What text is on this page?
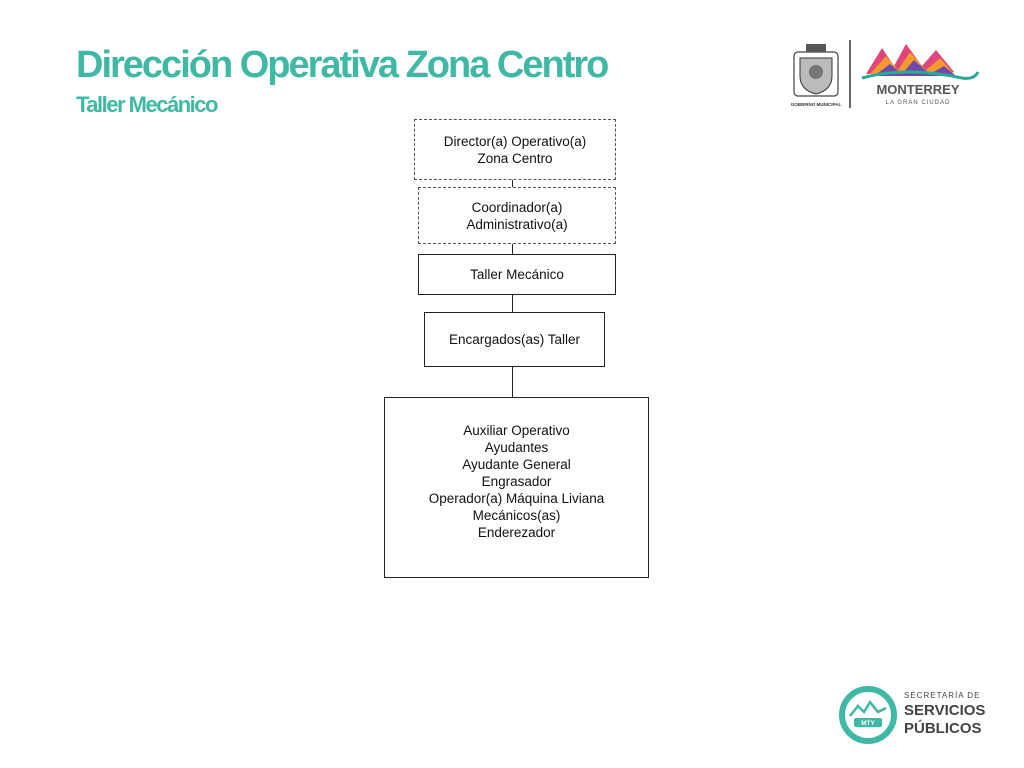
Dirección Operativa Zona Centro
Taller Mecánico	GOBIERNO MUNICIPAL
MONTERREY
LA GRAN CIUDAD
Director(a) Operativo(a)
Zona Centro
Coordinador(a)
Administrativo(a)
Taller Mecánico
Encargados(as) Taller
Auxiliar Operativo
Ayudantes
Ayudante General
Engrasador
Operador(a) Máquina Liviana
Mecánicos(as)
Enderezador
MTY
SECRETARÍA DE
SERVICIOS
PÚBLICOS
